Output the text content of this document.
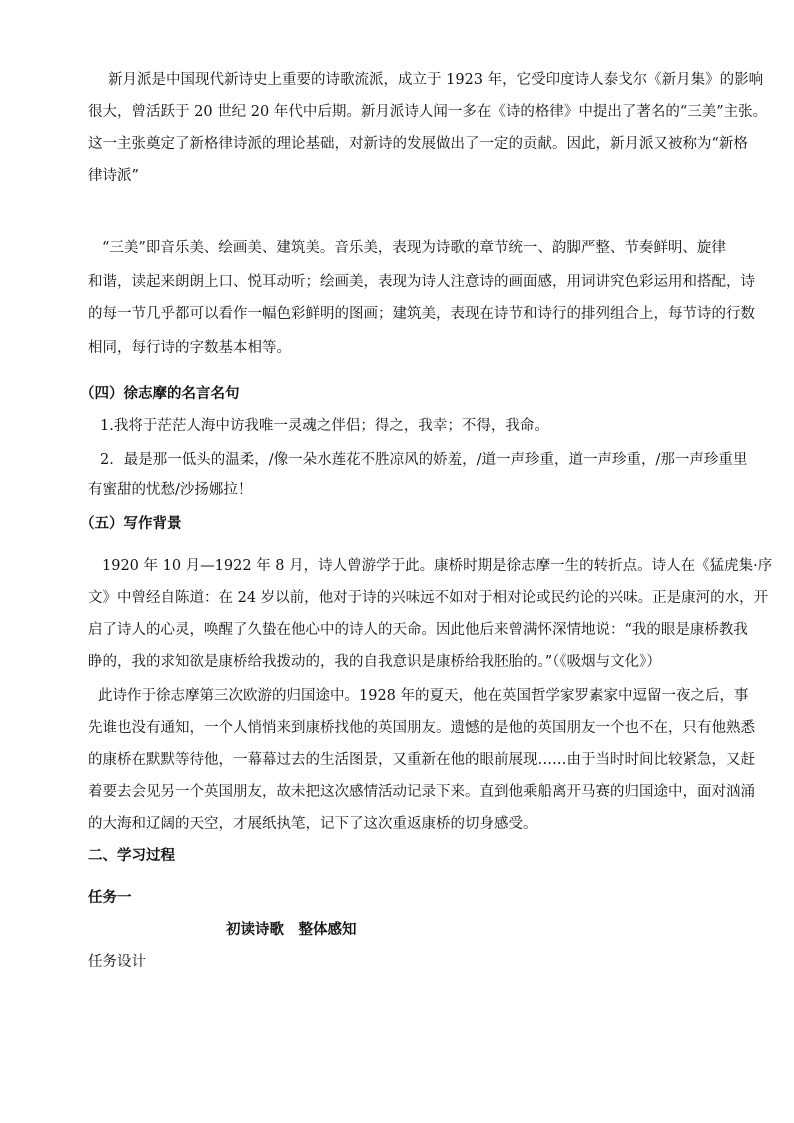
新月派是中国现代新诗史上重要的诗歌流派，成立于 1923 年，它受印度诗人泰戈尔《新月集》的影响
很大，曾活跃于 20 世纪 20 年代中后期。新月派诗人闻一多在《诗的格律》中提出了著名的“三美”主张。
这一主张奠定了新格律诗派的理论基础，对新诗的发展做出了一定的贡献。因此，新月派又被称为“新格
律诗派”
“三美”即音乐美、绘画美、建筑美。音乐美，表现为诗歌的章节统一、韵脚严整、节奏鲜明、旋律
和谐，读起来朗朗上口、悦耳动听；绘画美，表现为诗人注意诗的画面感，用词讲究色彩运用和搭配，诗
的每一节几乎都可以看作一幅色彩鲜明的图画；建筑美，表现在诗节和诗行的排列组合上，每节诗的行数
相同，每行诗的字数基本相等。
（四）徐志摩的名言名句
1.我将于茫茫人海中访我唯一灵魂之伴侣；得之，我幸；不得，我命。
2．最是那一低头的温柔，/像一朵水莲花不胜凉风的娇羞，/道一声珍重，道一声珍重，/那一声珍重里
有蜜甜的忧愁/沙扬娜拉！
（五）写作背景
1920 年 10 月—1922 年 8 月，诗人曾游学于此。康桥时期是徐志摩一生的转折点。诗人在《猛虎集·序
文》中曾经自陈道：在 24 岁以前，他对于诗的兴味远不如对于相对论或民约论的兴味。正是康河的水，开
启了诗人的心灵，唤醒了久蛰在他心中的诗人的天命。因此他后来曾满怀深情地说：“我的眼是康桥教我
睁的，我的求知欲是康桥给我拨动的，我的自我意识是康桥给我胚胎的。”（《吸烟与文化》）
此诗作于徐志摩第三次欧游的归国途中。1928 年的夏天，他在英国哲学家罗素家中逗留一夜之后，事
先谁也没有通知，一个人悄悄来到康桥找他的英国朋友。遗憾的是他的英国朋友一个也不在，只有他熟悉
的康桥在默默等待他，一幕幕过去的生活图景，又重新在他的眼前展现……由于当时时间比较紧急，又赶
着要去会见另一个英国朋友，故未把这次感情活动记录下来。直到他乘船离开马赛的归国途中，面对汹涌
的大海和辽阔的天空，才展纸执笔，记下了这次重返康桥的切身感受。
二、学习过程
任务一
初读诗歌　整体感知
任务设计
